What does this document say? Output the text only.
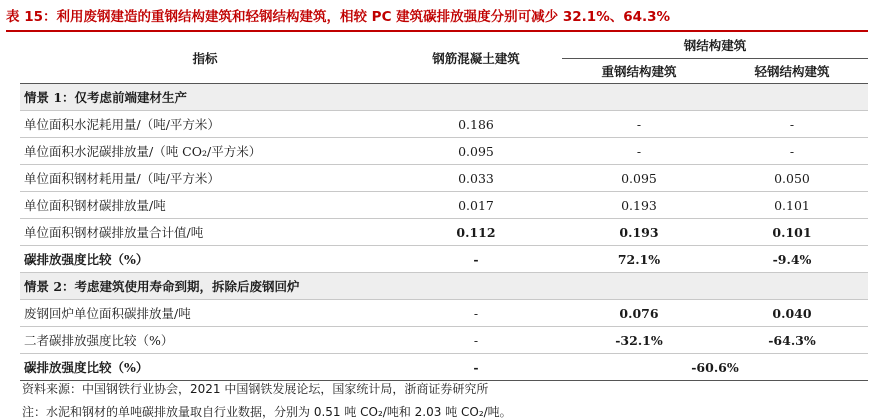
表 15：利用废钢建造的重钢结构建筑和轻钢结构建筑，相较 PC 建筑碳排放强度分别可减少 32.1%、64.3%
指标	钢筋混凝土建筑	钢结构建筑	
		重钢结构建筑	轻钢结构建筑
情景 1：仅考虑前端建材生产			
单位面积水泥耗用量/（吨/平方米）	0.186	-	-
单位面积水泥碳排放量/（吨 CO₂/平方米）	0.095	-	-
单位面积钢材耗用量/（吨/平方米）	0.033	0.095	0.050
单位面积钢材碳排放量/吨	0.017	0.193	0.101
单位面积钢材碳排放量合计值/吨	0.112	0.193	0.101
碳排放强度比较（%）	-	72.1%	-9.4%
情景 2：考虑建筑使用寿命到期，拆除后废钢回炉			
废钢回炉单位面积碳排放量/吨	-	0.076	0.040
二者碳排放强度比较（%）	-	-32.1%	-64.3%
碳排放强度比较（%）	-	-60.6%	
资料来源：中国钢铁行业协会，2021 中国钢铁发展论坛，国家统计局，浙商证券研究所
注：水泥和钢材的单吨碳排放量取自行业数据，分别为 0.51 吨 CO₂/吨和 2.03 吨 CO₂/吨。
